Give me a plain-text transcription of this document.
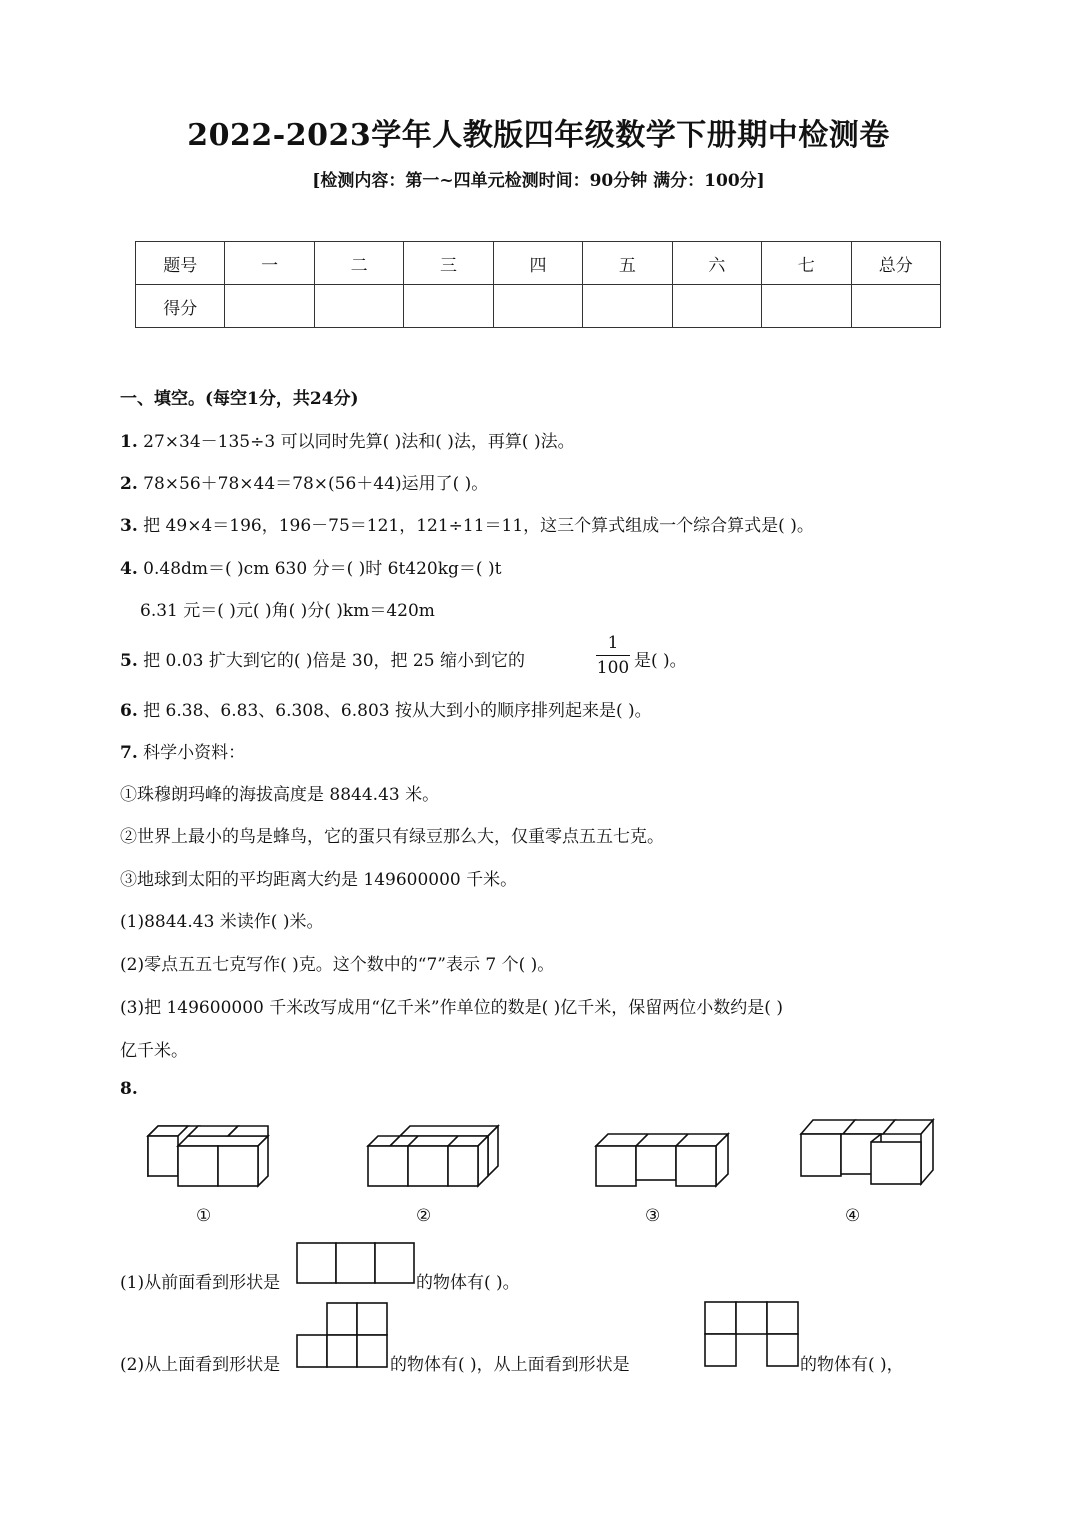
2022-2023学年人教版四年级数学下册期中检测卷
[检测内容：第一~四单元检测时间：90分钟 满分：100分]
题号	一	二	三	四	五	六	七	总分
得分								
一、填空。(每空1分，共24分)
1. 27×34－135÷3 可以同时先算( )法和( )法，再算( )法。
2. 78×56＋78×44＝78×(56＋44)运用了( )。
3. 把 49×4＝196，196－75＝121，121÷11＝11，这三个算式组成一个综合算式是( )。
4. 0.48dm＝( )cm 630 分＝( )时 6t420kg＝( )t
6.31 元＝( )元( )角( )分( )km＝420m
5. 把 0.03 扩大到它的( )倍是 30，把 25 缩小到它的
1
100 是( )。
6. 把 6.38、6.83、6.308、6.803 按从大到小的顺序排列起来是( )。
7. 科学小资料：
①珠穆朗玛峰的海拔高度是 8844.43 米。
②世界上最小的鸟是蜂鸟，它的蛋只有绿豆那么大，仅重零点五五七克。
③地球到太阳的平均距离大约是 149600000 千米。
(1)8844.43 米读作( )米。
(2)零点五五七克写作( )克。这个数中的“7”表示 7 个( )。
(3)把 149600000 千米改写成用“亿千米”作单位的数是( )亿千米，保留两位小数约是( )
亿千米。
8.
①	②	③	④
(1)从前面看到形状是	的物体有( )。
(2)从上面看到形状是	的物体有( )，从上面看到形状是	的物体有( )，
